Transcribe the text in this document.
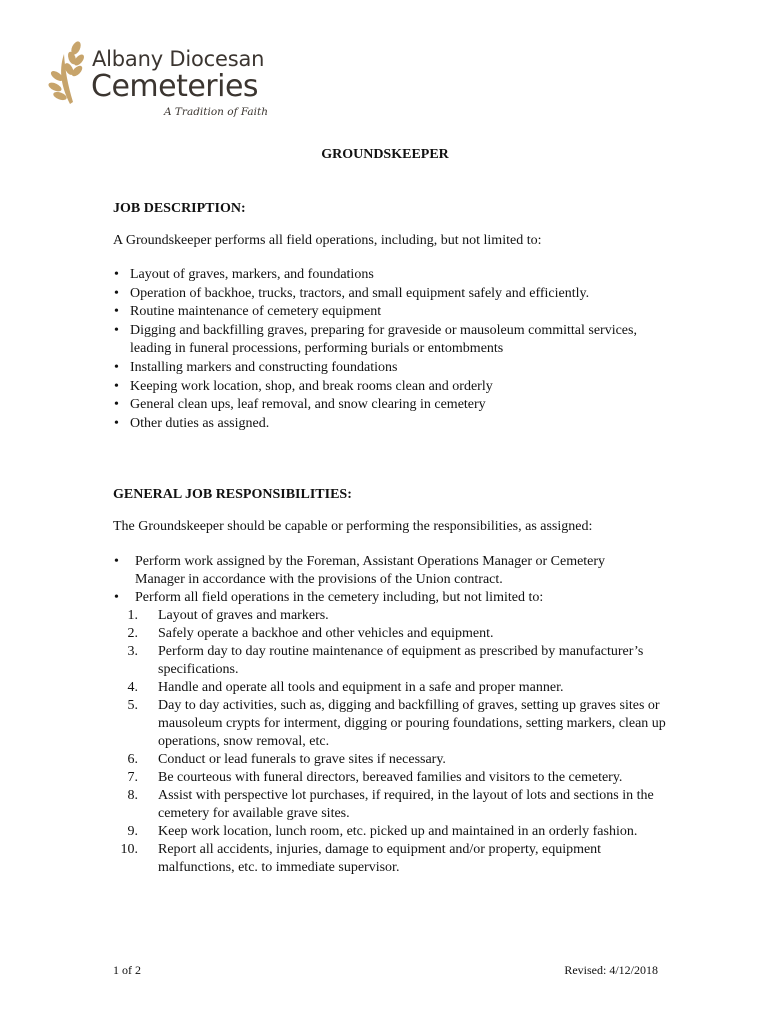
Albany Diocesan
Cemeteries
A Tradition of Faith
GROUNDSKEEPER
JOB DESCRIPTION:
A Groundskeeper performs all field operations, including, but not limited to:
• Layout of graves, markers, and foundations
• Operation of backhoe, trucks, tractors, and small equipment safely and efficiently.
• Routine maintenance of cemetery equipment
• Digging and backfilling graves, preparing for graveside or mausoleum committal services, leading in funeral processions, performing burials or entombments
• Installing markers and constructing foundations
• Keeping work location, shop, and break rooms clean and orderly
• General clean ups, leaf removal, and snow clearing in cemetery
• Other duties as assigned.
GENERAL JOB RESPONSIBILITIES:
The Groundskeeper should be capable or performing the responsibilities, as assigned:
• Perform work assigned by the Foreman, Assistant Operations Manager or Cemetery Manager in accordance with the provisions of the Union contract.
• Perform all field operations in the cemetery including, but not limited to:
1. Layout of graves and markers.
2. Safely operate a backhoe and other vehicles and equipment.
3. Perform day to day routine maintenance of equipment as prescribed by manufacturer’s specifications.
4. Handle and operate all tools and equipment in a safe and proper manner.
5. Day to day activities, such as, digging and backfilling of graves, setting up graves sites or mausoleum crypts for interment, digging or pouring foundations, setting markers, clean up operations, snow removal, etc.
6. Conduct or lead funerals to grave sites if necessary.
7. Be courteous with funeral directors, bereaved families and visitors to the cemetery.
8. Assist with perspective lot purchases, if required, in the layout of lots and sections in the cemetery for available grave sites.
9. Keep work location, lunch room, etc. picked up and maintained in an orderly fashion.
10. Report all accidents, injuries, damage to equipment and/or property, equipment malfunctions, etc. to immediate supervisor.
1 of 2	Revised: 4/12/2018
